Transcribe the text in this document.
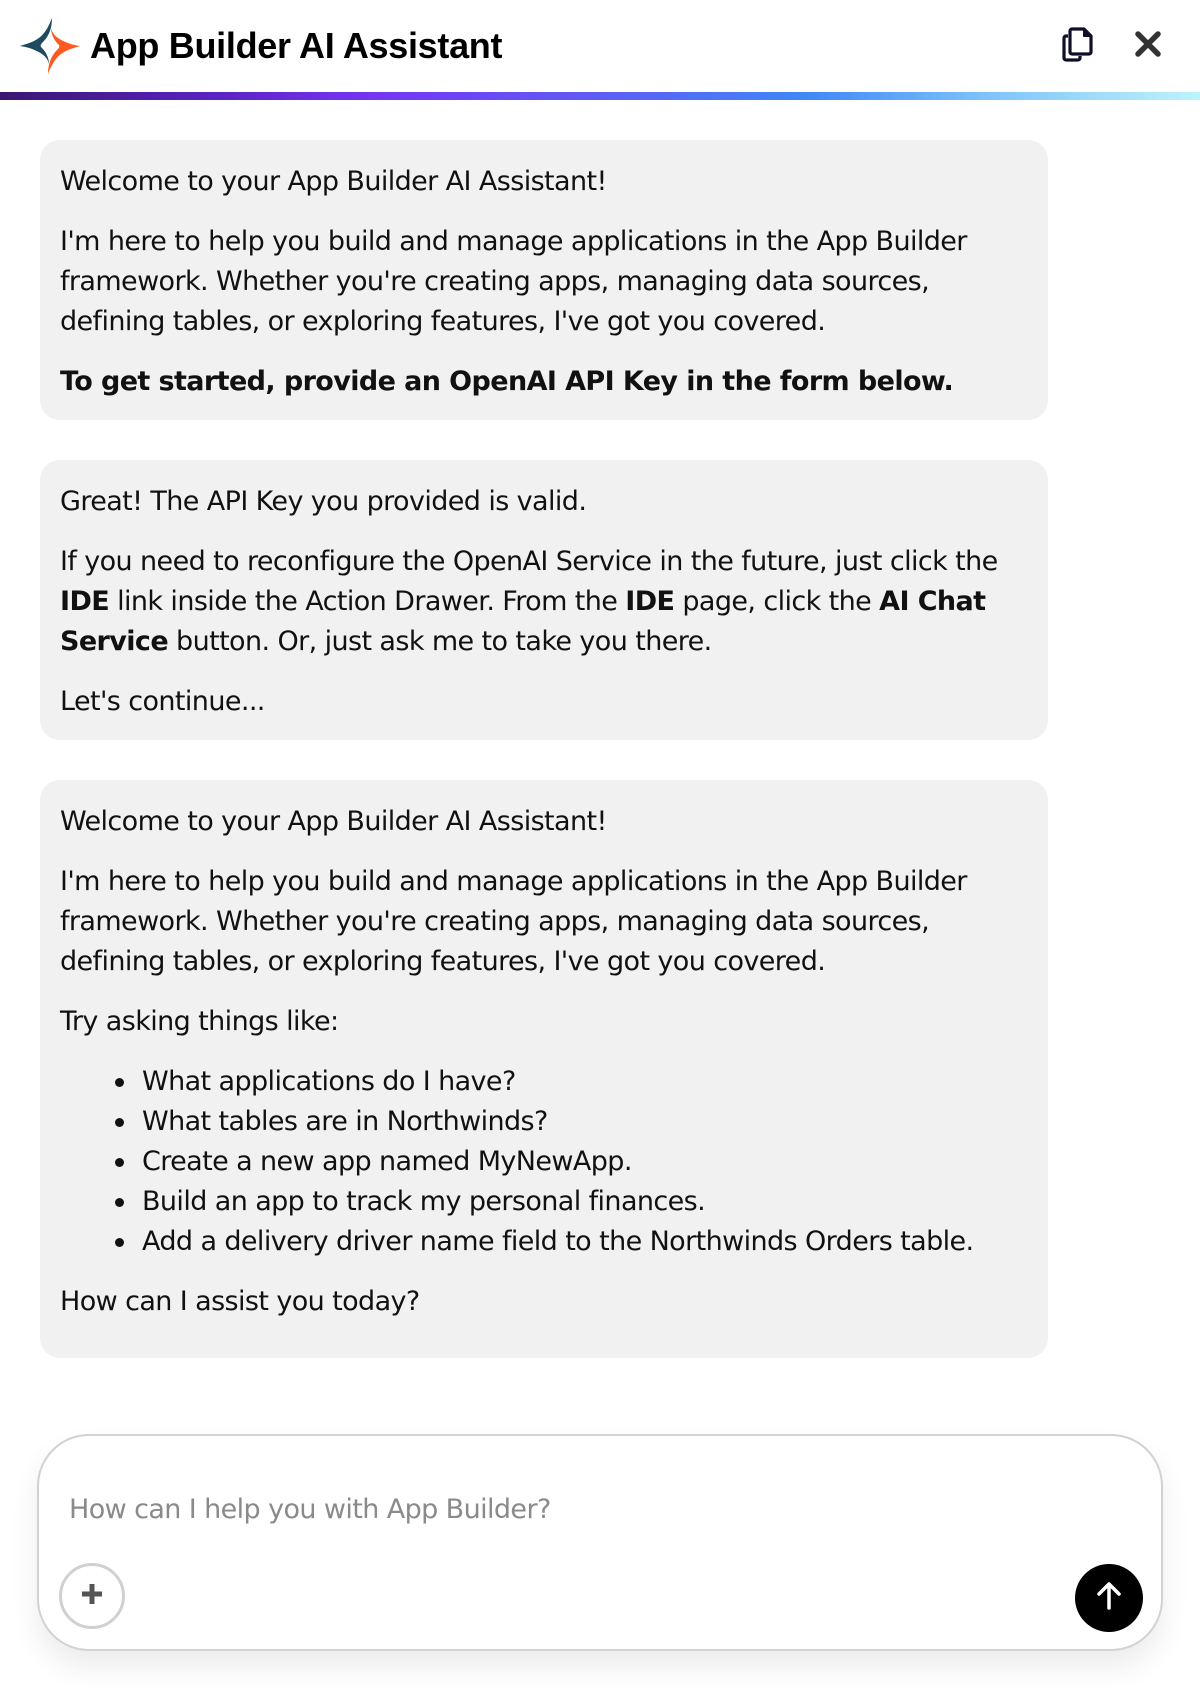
App Builder AI Assistant

Welcome to your App Builder AI Assistant!

I'm here to help you build and manage applications in the App Builder framework. Whether you're creating apps, managing data sources, defining tables, or exploring features, I've got you covered.

To get started, provide an OpenAI API Key in the form below.

Great! The API Key you provided is valid.

If you need to reconfigure the OpenAI Service in the future, just click the IDE link inside the Action Drawer. From the IDE page, click the AI Chat Service button. Or, just ask me to take you there.

Let's continue...

Welcome to your App Builder AI Assistant!

I'm here to help you build and manage applications in the App Builder framework. Whether you're creating apps, managing data sources, defining tables, or exploring features, I've got you covered.

Try asking things like:

What applications do I have?
What tables are in Northwinds?
Create a new app named MyNewApp.
Build an app to track my personal finances.
Add a delivery driver name field to the Northwinds Orders table.

How can I assist you today?

How can I help you with App Builder?
